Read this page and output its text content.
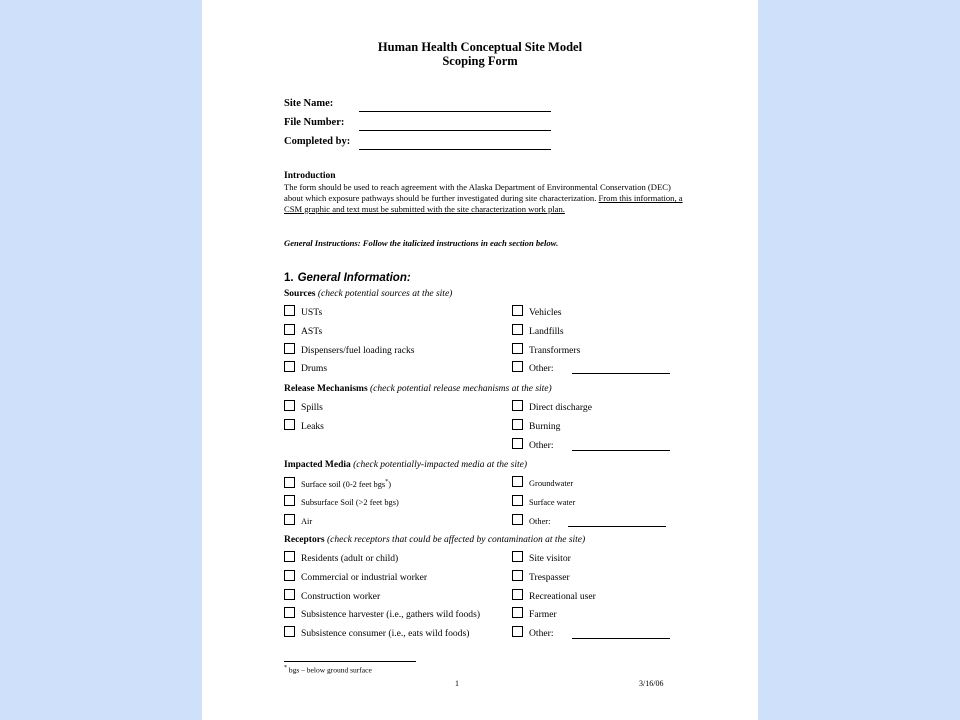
Human Health Conceptual Site Model
Scoping Form
Site Name:
File Number:
Completed by:
Introduction
The form should be used to reach agreement with the Alaska Department of Environmental Conservation (DEC) about which exposure pathways should be further investigated during site characterization. From this information, a CSM graphic and text must be submitted with the site characterization work plan.
General Instructions: Follow the italicized instructions in each section below.
1. General Information:
Sources (check potential sources at the site)
USTs
ASTs
Dispensers/fuel loading racks
Drums
Vehicles
Landfills
Transformers
Other:
Release Mechanisms (check potential release mechanisms at the site)
Spills
Leaks
Direct discharge
Burning
Other:
Impacted Media (check potentially-impacted media at the site)
Surface soil (0-2 feet bgs*)
Subsurface Soil (>2 feet bgs)
Air
Groundwater
Surface water
Other:
Receptors (check receptors that could be affected by contamination at the site)
Residents (adult or child)
Commercial or industrial worker
Construction worker
Subsistence harvester (i.e., gathers wild foods)
Subsistence consumer (i.e., eats wild foods)
Site visitor
Trespasser
Recreational user
Farmer
Other:
* bgs – below ground surface
1	3/16/06
